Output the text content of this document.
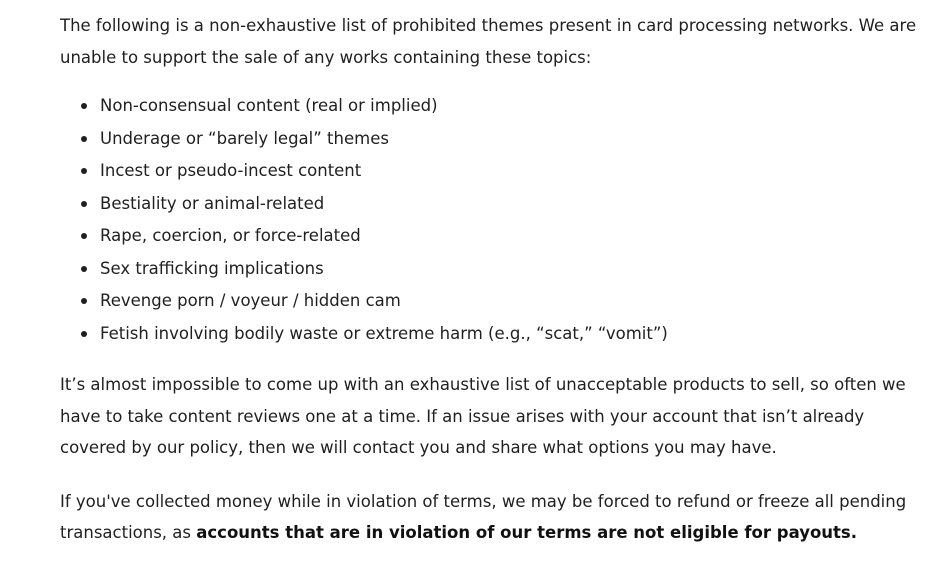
The following is a non-exhaustive list of prohibited themes present in card processing networks. We are unable to support the sale of any works containing these topics:

Non-consensual content (real or implied)
Underage or “barely legal” themes
Incest or pseudo-incest content
Bestiality or animal-related
Rape, coercion, or force-related
Sex trafficking implications
Revenge porn / voyeur / hidden cam
Fetish involving bodily waste or extreme harm (e.g., “scat,” “vomit”)

It’s almost impossible to come up with an exhaustive list of unacceptable products to sell, so often we have to take content reviews one at a time. If an issue arises with your account that isn’t already covered by our policy, then we will contact you and share what options you may have.

If you've collected money while in violation of terms, we may be forced to refund or freeze all pending transactions, as accounts that are in violation of our terms are not eligible for payouts.
